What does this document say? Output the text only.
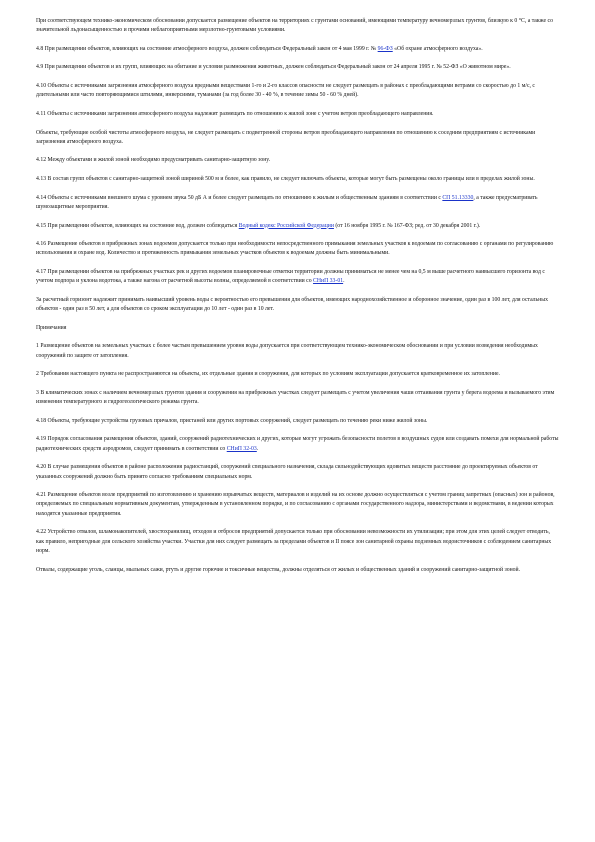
При соответствующем технико-экономическом обосновании допускается размещение объектов на территориях с грунтами оснований, имеющими температуру вечномерзлых грунтов, близкую к 0 °С, а также со значительной льдонасыщенностью и прочими неблагоприятными мерзлотно-грунтовыми условиями.

4.8 При размещении объектов, влияющих на состояние атмосферного воздуха, должен соблюдаться Федеральный закон от 4 мая 1999 г. № 96-ФЗ «Об охране атмосферного воздуха».

4.9 При размещении объектов и их групп, влияющих на обитание и условия размножения животных, должен соблюдаться Федеральный закон от 24 апреля 1995 г. № 52-ФЗ «О животном мире».

4.10 Объекты с источниками загрязнения атмосферного воздуха вредными веществами 1-го и 2-го классов опасности не следует размещать в районах с преобладающими ветрами со скоростью до 1 м/с, с длительными или часто повторяющимися штилями, инверсиями, туманами (за год более 30 - 40 %, в течение зимы 50 - 60 % дней).

4.11 Объекты с источниками загрязнения атмосферного воздуха надлежит размещать по отношению к жилой зоне с учетом ветров преобладающего направления.

Объекты, требующие особой чистоты атмосферного воздуха, не следует размещать с подветренной стороны ветров преобладающего направления по отношению к соседним предприятиям с источниками загрязнения атмосферного воздуха.

4.12 Между объектами и жилой зоной необходимо предусматривать санитарно-защитную зону.

4.13 В состав групп объектов с санитарно-защитной зоной шириной 500 м и более, как правило, не следует включать объекты, которые могут быть размещены около границы или в пределах жилой зоны.

4.14 Объекты с источниками внешнего шума с уровнем звука 50 дБ А и более следует размещать по отношению к жилым и общественным зданиям в соответствии с СП 51.13330, а также предусматривать шумозащитные мероприятия.

4.15 При размещении объектов, влияющих на состояние вод, должен соблюдаться Водный кодекс Российской Федерации (от 16 ноября 1995 г. № 167-ФЗ; ред. от 30 декабря 2001 г.).

4.16 Размещение объектов в прибрежных зонах водоемов допускается только при необходимости непосредственного примыкания земельных участков к водоемам по согласованию с органами по регулированию использования и охране вод. Количество и протяженность примыкания земельных участков объектов к водоемам должны быть минимальными.

4.17 При размещении объектов на прибрежных участках рек и других водоемов планировочные отметки территории должны приниматься не менее чем на 0,5 м выше расчетного наивысшего горизонта вод с учетом подпора и уклона водотока, а также нагона от расчетной высоты волны, определяемой в соответствии со СНиП 33-01.

За расчетный горизонт надлежит принимать наивысший уровень воды с вероятностью его превышения для объектов, имеющих народнохозяйственное и оборонное значение, один раз в 100 лет, для остальных объектов - один раз в 50 лет, а для объектов со сроком эксплуатации до 10 лет - один раз в 10 лет.

Примечания

1 Размещение объектов на земельных участках с более частым превышением уровня воды допускается при соответствующем технико-экономическом обосновании и при условии возведения необходимых сооружений по защите от затопления.

2 Требования настоящего пункта не распространяются на объекты, их отдельные здания и сооружения, для которых по условиям эксплуатации допускается кратковременное их затопление.

3 В климатических зонах с наличием вечномерзлых грунтов здания и сооружения на прибрежных участках следует размещать с учетом увеличения чаши оттаивания грунта у берега водоема и вызываемого этим изменения температурного и гидрогеологического режима грунта.

4.18 Объекты, требующие устройства грузовых причалов, пристаней или других портовых сооружений, следует размещать по течению реки ниже жилой зоны.

4.19 Порядок согласования размещения объектов, зданий, сооружений радиотехнических и других, которые могут угрожать безопасности полетов в воздушных судов или создавать помехи для нормальной работы радиотехнических средств аэродромов, следует принимать в соответствии со СНиП 32-03.

4.20 В случае размещения объектов в районе расположения радиостанций, сооружений специального назначения, склада сильнодействующих ядовитых веществ расстояние до проектируемых объектов от указанных сооружений должно быть принято согласно требованиям специальных норм.

4.21 Размещение объектов возле предприятий по изготовлению и хранению взрывчатых веществ, материалов и изделий на их основе должно осуществляться с учетом границ запретных (опасных) зон и районов, определяемых по специальным нормативным документам, утвержденным в установленном порядке, и по согласованию с органами государственного надзора, министерствами и ведомствами, в ведении которых находятся указанные предприятия.

4.22 Устройство отвалов, шламонакопителей, хвостохранилищ, отходов и отбросов предприятий допускается только при обосновании невозможности их утилизации; при этом для этих целей следует отводить, как правило, непригодные для сельского хозяйства участки. Участки для них следует размещать за пределами объектов и II поясе зон санитарной охраны подземных водоисточников с соблюдением санитарных норм.

Отвалы, содержащие уголь, сланцы, мыльных сажи, ртуть и другие горючие и токсичные вещества, должны отделяться от жилых и общественных зданий и сооружений санитарно-защитной зоной.
